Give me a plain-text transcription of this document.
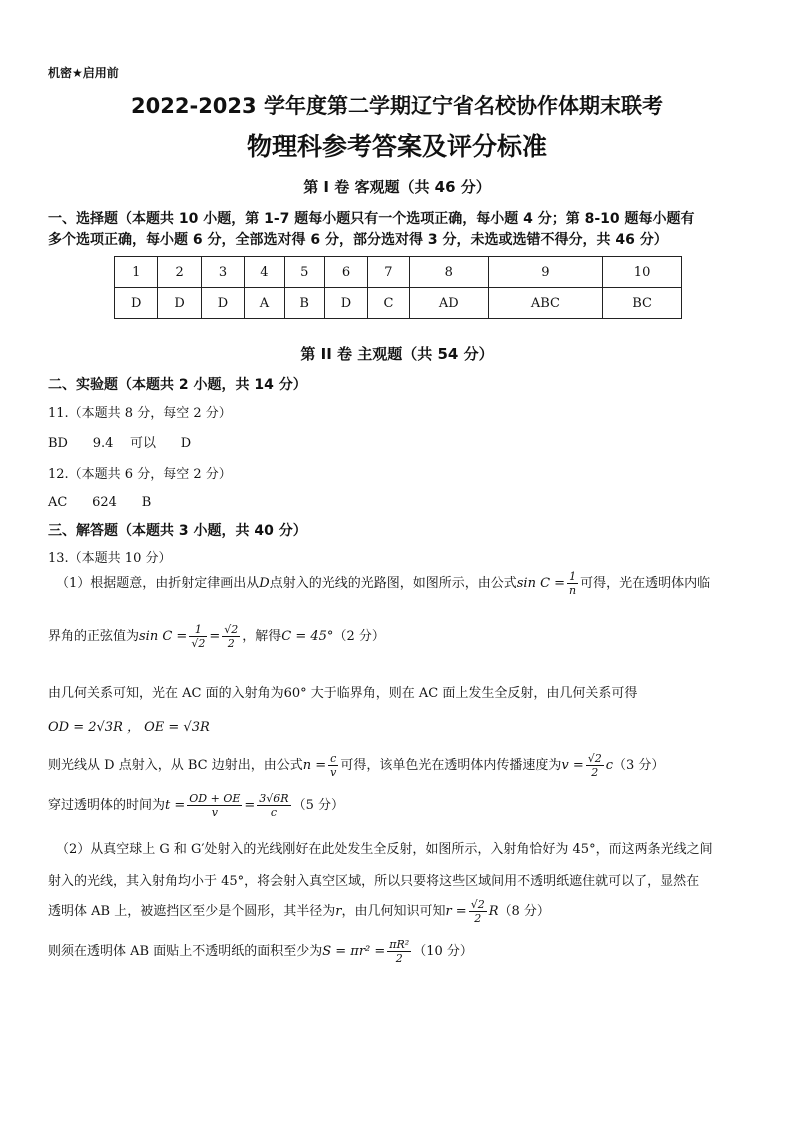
机密★启用前
2022-2023 学年度第二学期辽宁省名校协作体期末联考
物理科参考答案及评分标准
第 I 卷 客观题（共 46 分）
一、选择题（本题共 10 小题，第 1-7 题每小题只有一个选项正确，每小题 4 分；第 8-10 题每小题有
多个选项正确，每小题 6 分，全部选对得 6 分，部分选对得 3 分，未选或选错不得分，共 46 分）
1	2	3	4	5	6	7	8	9	10
D	D	D	A	B	D	C	AD	ABC	BC
第 II 卷 主观题（共 54 分）
二、实验题（本题共 2 小题，共 14 分）
11.（本题共 8 分，每空 2 分）
BD      9.4    可以      D
12.（本题共 6 分，每空 2 分）
AC      624      B
三、解答题（本题共 3 小题，共 40 分）
13.（本题共 10 分）
（1）根据题意，由折射定律画出从D点射入的光线的光路图，如图所示，由公式$\sin C = \frac{1}{n}$ 可得，光在透明体内临
界角的正弦值为$\sin C = \frac{1}{√2} = \frac{√2}{2}$ ，解得C = 45°（2 分）
由几何关系可知，光在 AC 面的入射角为60° 大于临界角，则在 AC 面上发生全反射，由几何关系可得
OD = 2√3R ， OE = √3R
则光线从 D 点射入，从 BC 边射出，由公式$n = \frac{c}{v}$ 可得，该单色光在透明体内传播速度为$v = \frac{√2}{2} c(3$ 分）
穿过透明体的时间为$t = \frac{OD + OE}{v} = \frac{3√6R}{c} (5$ 分）
（2）从真空球上 G 和 G′处射入的光线刚好在此处发生全反射，如图所示，入射角恰好为 45°，而这两条光线之间
射入的光线，其入射角均小于 45°，将会射入真空区域，所以只要将这些区域间用不透明纸遮住就可以了，显然在
透明体 AB 上，被遮挡区至少是个圆形，其半径为r，由几何知识可知$r = \frac{√2}{2} R(8$ 分）
则须在透明体 AB 面贴上不透明纸的面积至少为$S = \pi r^2 = \frac{\text{πR²}}{2} (10$ 分）
